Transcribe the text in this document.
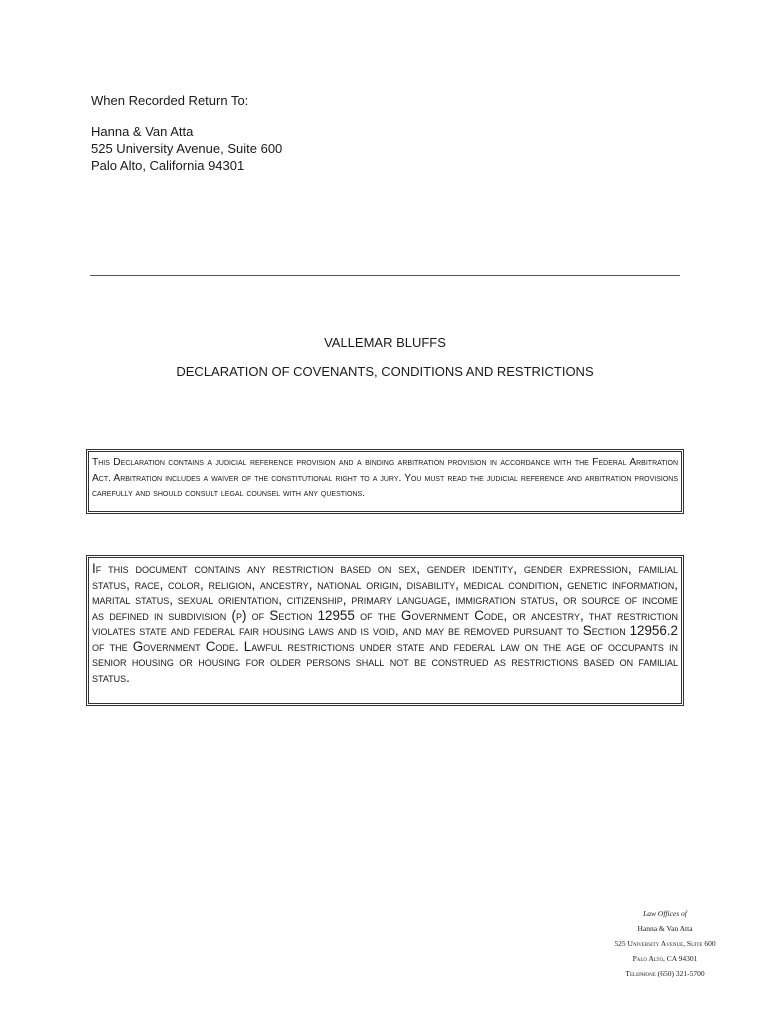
When Recorded Return To:
Hanna & Van Atta
525 University Avenue, Suite 600
Palo Alto, California 94301
VALLEMAR BLUFFS
DECLARATION OF COVENANTS, CONDITIONS AND RESTRICTIONS
This Declaration contains a judicial reference provision and a binding arbitration provision in accordance with the Federal Arbitration Act. Arbitration includes a waiver of the constitutional right to a jury. You must read the judicial reference and arbitration provisions carefully and should consult legal counsel with any questions.
If this document contains any restriction based on sex, gender identity, gender expression, familial status, race, color, religion, ancestry, national origin, disability, medical condition, genetic information, marital status, sexual orientation, citizenship, primary language, immigration status, or source of income as defined in subdivision (p) of Section 12955 of the Government Code, or ancestry, that restriction violates state and federal fair housing laws and is void, and may be removed pursuant to Section 12956.2 of the Government Code. Lawful restrictions under state and federal law on the age of occupants in senior housing or housing for older persons shall not be construed as restrictions based on familial status.
Law Offices of
Hanna & Van Atta
525 University Avenue, Suite 600
Palo Alto, CA 94301
Telephone (650) 321-5700
